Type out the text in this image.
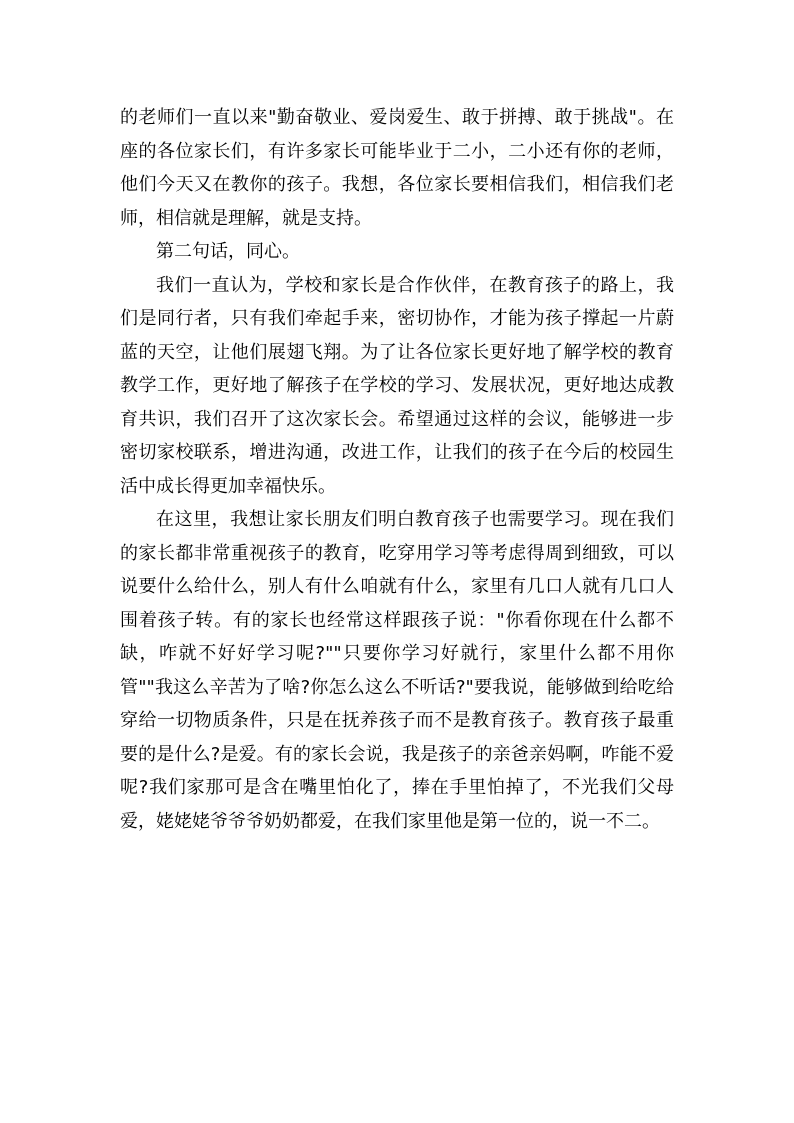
的老师们一直以来"勤奋敬业、爱岗爱生、敢于拼搏、敢于挑战"。在座的各位家长们，有许多家长可能毕业于二小，二小还有你的老师，他们今天又在教你的孩子。我想，各位家长要相信我们，相信我们老师，相信就是理解，就是支持。

第二句话，同心。

我们一直认为，学校和家长是合作伙伴，在教育孩子的路上，我们是同行者，只有我们牵起手来，密切协作，才能为孩子撑起一片蔚蓝的天空，让他们展翅飞翔。为了让各位家长更好地了解学校的教育教学工作，更好地了解孩子在学校的学习、发展状况，更好地达成教育共识，我们召开了这次家长会。希望通过这样的会议，能够进一步密切家校联系，增进沟通，改进工作，让我们的孩子在今后的校园生活中成长得更加幸福快乐。

在这里，我想让家长朋友们明白教育孩子也需要学习。现在我们的家长都非常重视孩子的教育，吃穿用学习等考虑得周到细致，可以说要什么给什么，别人有什么咱就有什么，家里有几口人就有几口人围着孩子转。有的家长也经常这样跟孩子说："你看你现在什么都不缺，咋就不好好学习呢?""只要你学习好就行，家里什么都不用你管""我这么辛苦为了啥?你怎么这么不听话?"要我说，能够做到给吃给穿给一切物质条件，只是在抚养孩子而不是教育孩子。教育孩子最重要的是什么?是爱。有的家长会说，我是孩子的亲爸亲妈啊，咋能不爱呢?我们家那可是含在嘴里怕化了，捧在手里怕掉了，不光我们父母爱，姥姥姥爷爷爷奶奶都爱，在我们家里他是第一位的，说一不二。
